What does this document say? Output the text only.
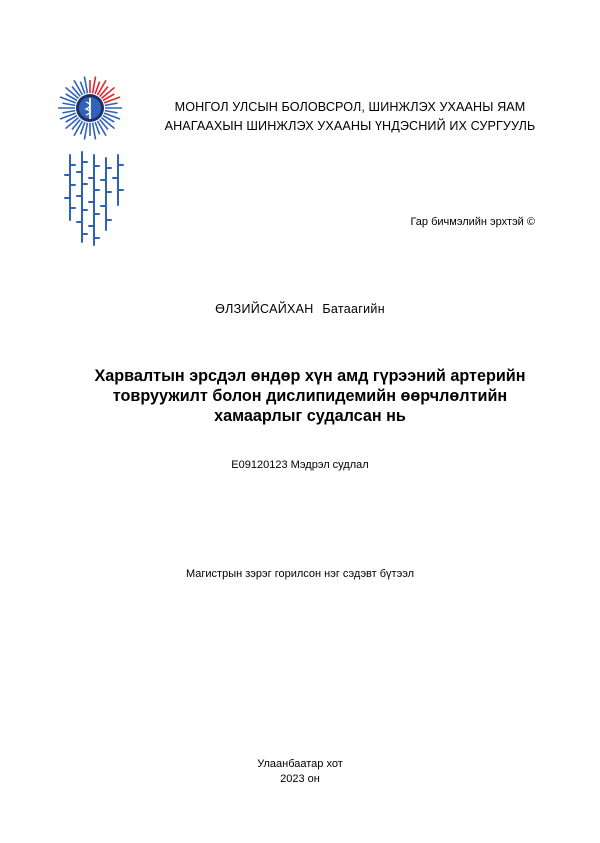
МОНГОЛ УЛСЫН БОЛОВСРОЛ, ШИНЖЛЭХ УХААНЫ ЯАМ
АНАГААХЫН ШИНЖЛЭХ УХААНЫ ҮНДЭСНИЙ ИХ СУРГУУЛЬ
Гар бичмэлийн эрхтэй ©
ӨЛЗИЙСАЙХАН Батаагийн
Харвалтын эрсдэл өндөр хүн амд гүрээний артерийн
товруужилт болон дислипидемийн өөрчлөлтийн
хамаарлыг судалсан нь
E09120123 Мэдрэл судлал
Магистрын зэрэг горилсон нэг сэдэвт бүтээл
Улаанбаатар хот
2023 он
